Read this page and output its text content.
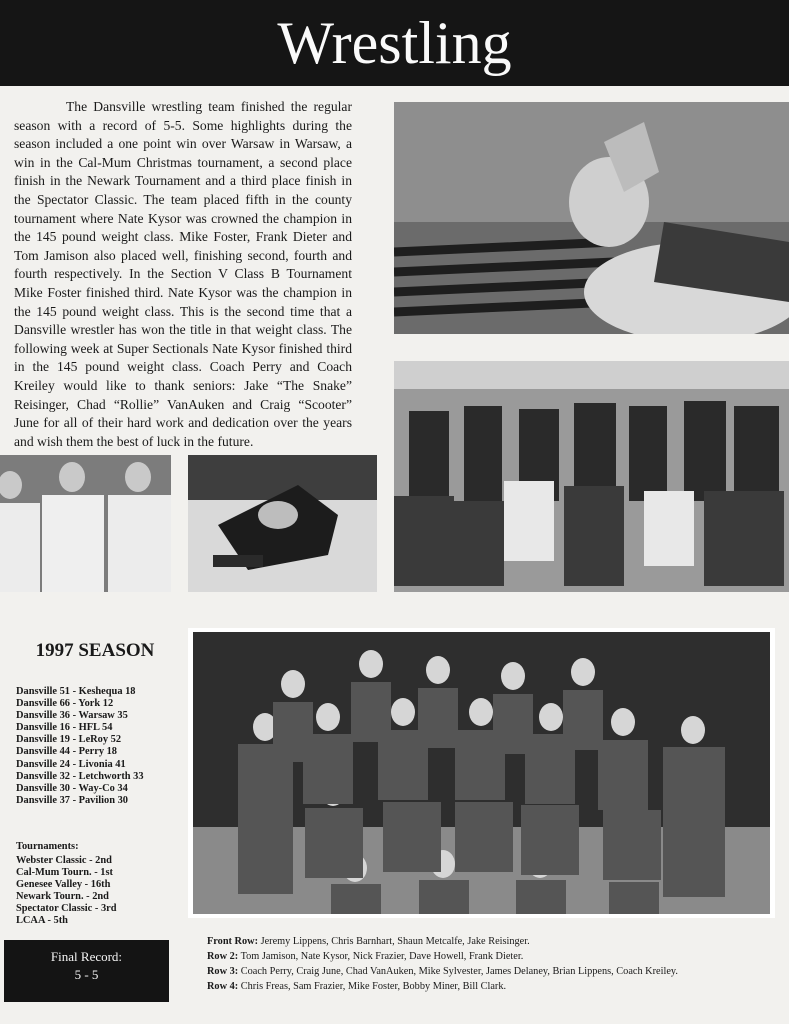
Wrestling

The Dansville wrestling team finished the regular season with a record of 5-5. Some highlights during the season included a one point win over Warsaw in Warsaw, a win in the Cal-Mum Christmas tournament, a second place finish in the Newark Tournament and a third place finish in the Spectator Classic. The team placed fifth in the county tournament where Nate Kysor was crowned the champion in the 145 pound weight class. Mike Foster, Frank Dieter and Tom Jamison also placed well, finishing second, fourth and fourth respectively. In the Section V Class B Tournament Mike Foster finished third. Nate Kysor was the champion in the 145 pound weight class. This is the second time that a Dansville wrestler has won the title in that weight class. The following week at Super Sectionals Nate Kysor finished third in the 145 pound weight class. Coach Perry and Coach Kreiley would like to thank seniors: Jake “The Snake” Reisinger, Chad “Rollie” VanAuken and Craig “Scooter” June for all of their hard work and dedication over the years and wish them the best of luck in the future.

1997 SEASON
Dansville 51 - Keshequa 18
Dansville 66 - York 12
Dansville 36 - Warsaw 35
Dansville 16 - HFL 54
Dansville 19 - LeRoy 52
Dansville 44 - Perry 18
Dansville 24 - Livonia 41
Dansville 32 - Letchworth 33
Dansville 30 - Way-Co 34
Dansville 37 - Pavilion 30

Tournaments:

Webster Classic - 2nd
Cal-Mum Tourn. - 1st
Genesee Valley - 16th
Newark Tourn. - 2nd
Spectator Classic - 3rd
LCAA - 5th
Final Record:
5 - 5
Front Row: Jeremy Lippens, Chris Barnhart, Shaun Metcalfe, Jake Reisinger.
Row 2: Tom Jamison, Nate Kysor, Nick Frazier, Dave Howell, Frank Dieter.
Row 3: Coach Perry, Craig June, Chad VanAuken, Mike Sylvester, James Delaney, Brian Lippens, Coach Kreiley.
Row 4: Chris Freas, Sam Frazier, Mike Foster, Bobby Miner, Bill Clark.
